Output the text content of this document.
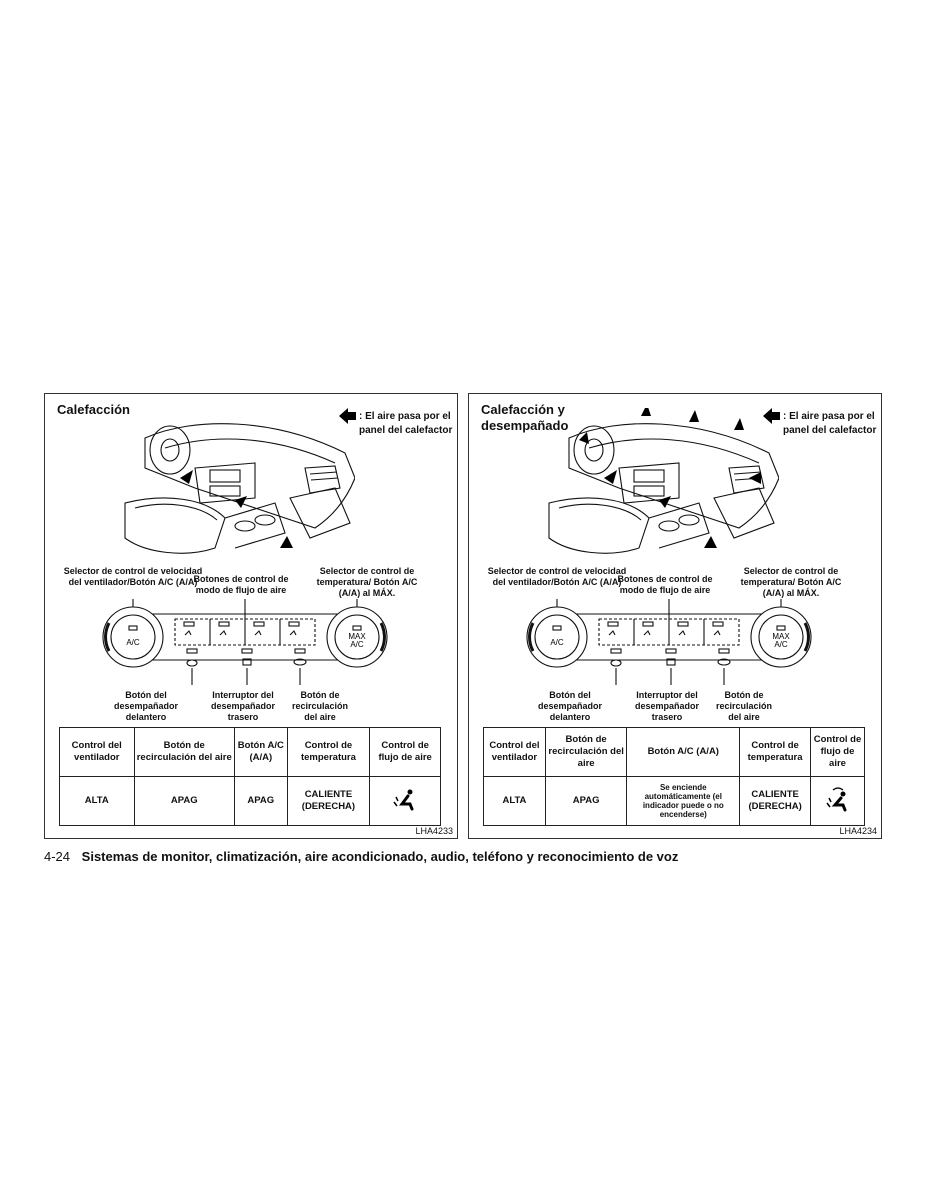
Calefacción	: El aire pasa por el panel del calefactor
Selector de control de velocidad del ventilador/Botón A/C (A/A)
Botones de control de modo de flujo de aire
Selector de control de temperatura/ Botón A/C (A/A) al MÁX.
A/C
MAX
A/C
Botón del desempañador delantero
Interruptor del desempañador trasero
Botón de recirculación del aire
Control del ventilador	Botón de recirculación del aire	Botón A/C (A/A)	Control de temperatura	Control de flujo de aire
ALTA	APAG	APAG	CALIENTE (DERECHA)	
LHA4233
Calefacción y desempañado
: El aire pasa por el panel del calefactor
Selector de control de velocidad del ventilador/Botón A/C (A/A)
Botones de control de modo de flujo de aire
Selector de control de temperatura/ Botón A/C (A/A) al MÁX.
A/C
MAX
A/C
Botón del desempañador delantero
Interruptor del desempañador trasero
Botón de recirculación del aire
Control del ventilador	Botón de recirculación del aire	Botón A/C (A/A)	Control de temperatura	Control de flujo de aire
ALTA	APAG	Se enciende automáticamente (el indicador puede o no encenderse)	CALIENTE (DERECHA)	
LHA4234
4-24 Sistemas de monitor, climatización, aire acondicionado, audio, teléfono y reconocimiento de voz
